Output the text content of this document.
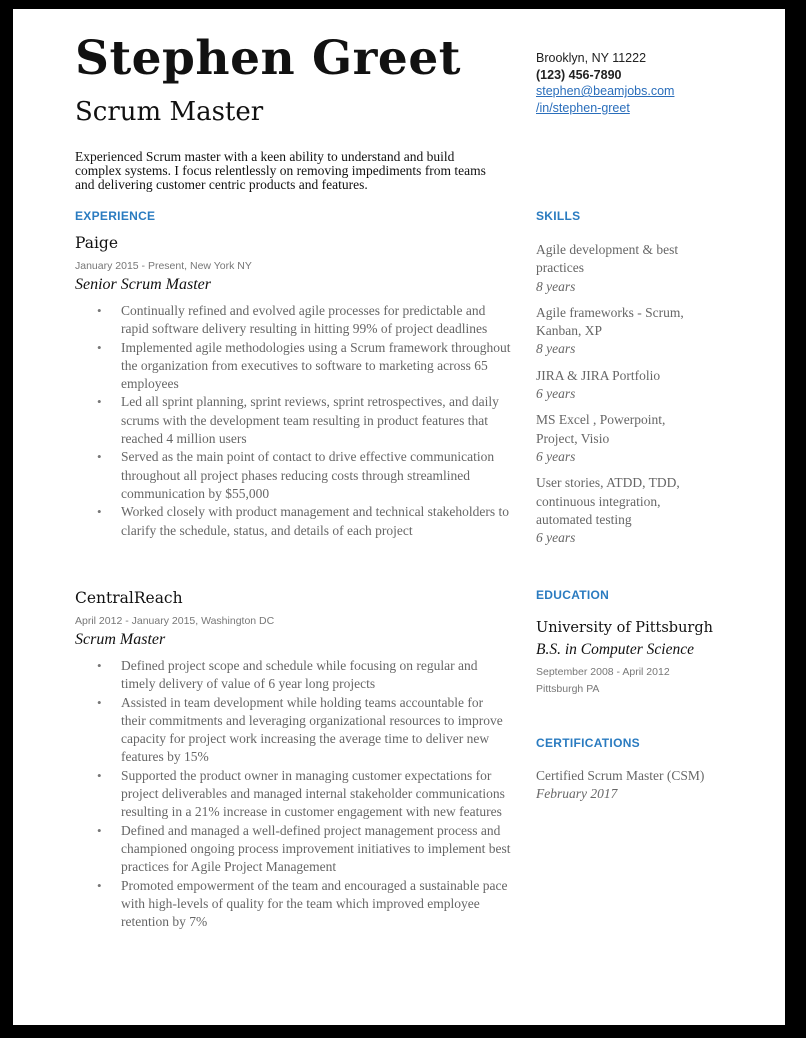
Stephen Greet
Scrum Master
Brooklyn, NY 11222
(123) 456-7890
stephen@beamjobs.com
/in/stephen-greet
Experienced Scrum master with a keen ability to understand and build complex systems. I focus relentlessly on removing impediments from teams and delivering customer centric products and features.
EXPERIENCE
Paige
January 2015 - Present, New York NY
Senior Scrum Master
• Continually refined and evolved agile processes for predictable and rapid software delivery resulting in hitting 99% of project deadlines
• Implemented agile methodologies using a Scrum framework throughout the organization from executives to software to marketing across 65 employees
• Led all sprint planning, sprint reviews, sprint retrospectives, and daily scrums with the development team resulting in product features that reached 4 million users
• Served as the main point of contact to drive effective communication throughout all project phases reducing costs through streamlined communication by $55,000
• Worked closely with product management and technical stakeholders to clarify the schedule, status, and details of each project
CentralReach
April 2012 - January 2015, Washington DC
Scrum Master
• Defined project scope and schedule while focusing on regular and timely delivery of value of 6 year long projects
• Assisted in team development while holding teams accountable for their commitments and leveraging organizational resources to improve capacity for project work increasing the average time to deliver new features by 15%
• Supported the product owner in managing customer expectations for project deliverables and managed internal stakeholder communications resulting in a 21% increase in customer engagement with new features
• Defined and managed a well-defined project management process and championed ongoing process improvement initiatives to implement best practices for Agile Project Management
• Promoted empowerment of the team and encouraged a sustainable pace with high-levels of quality for the team which improved employee retention by 7%
SKILLS
Agile development & best practices
8 years
Agile frameworks - Scrum, Kanban, XP
8 years
JIRA & JIRA Portfolio
6 years
MS Excel , Powerpoint, Project, Visio
6 years
User stories, ATDD, TDD, continuous integration, automated testing
6 years
EDUCATION
University of Pittsburgh
B.S. in Computer Science
September 2008 - April 2012
Pittsburgh PA
CERTIFICATIONS
Certified Scrum Master (CSM)
February 2017
